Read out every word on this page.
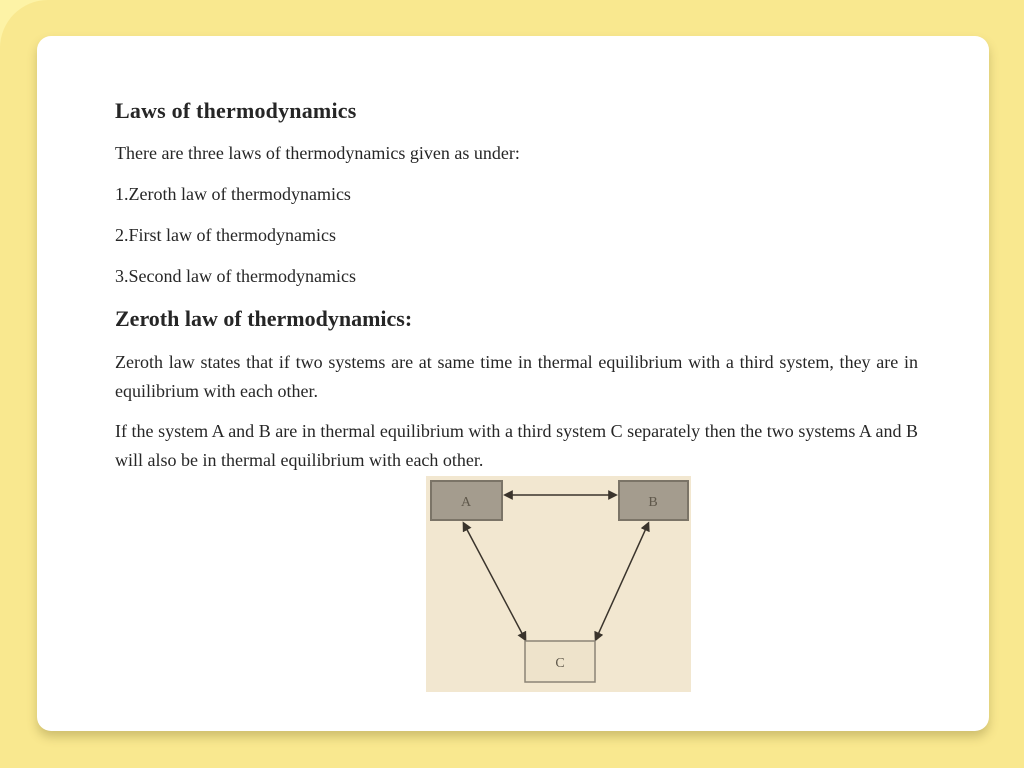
Laws of thermodynamics
There are three laws of thermodynamics given as under:
1.Zeroth law of thermodynamics
2.First law of thermodynamics
3.Second law of thermodynamics
Zeroth law of thermodynamics:

Zeroth law states that if two systems are at same time in thermal equilibrium with a third system, they are in equilibrium with each other.

If the system A and B are in thermal equilibrium with a third system C separately then the two systems A and B will also be in thermal equilibrium with each other.

A	B
C
